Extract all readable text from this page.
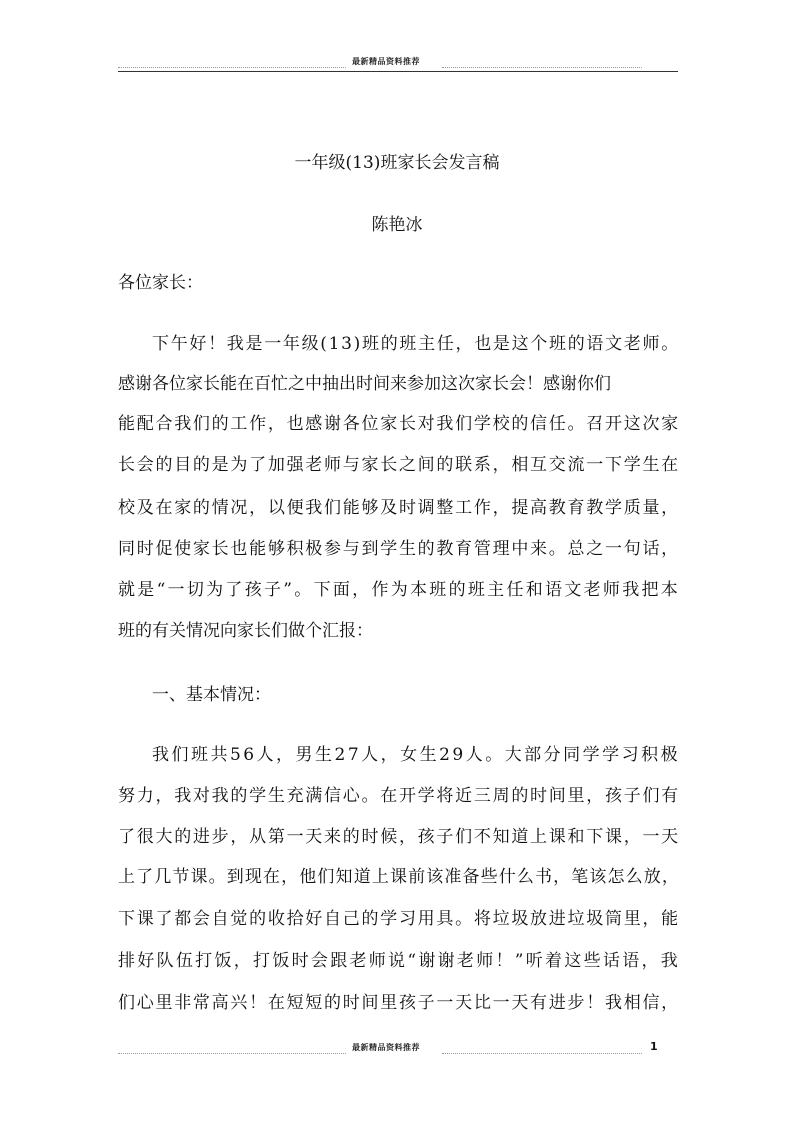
最新精品资料推荐
一年级(13)班家长会发言稿
陈艳冰
各位家长：
下午好！我是一年级(13)班的班主任，也是这个班的语文老师。
感谢各位家长能在百忙之中抽出时间来参加这次家长会！感谢你们
能配合我们的工作，也感谢各位家长对我们学校的信任。召开这次家
长会的目的是为了加强老师与家长之间的联系，相互交流一下学生在
校及在家的情况，以便我们能够及时调整工作，提高教育教学质量，
同时促使家长也能够积极参与到学生的教育管理中来。总之一句话，
就是“一切为了孩子”。下面，作为本班的班主任和语文老师我把本
班的有关情况向家长们做个汇报：
一、基本情况：
我们班共56人，男生27人，女生29人。大部分同学学习积极
努力，我对我的学生充满信心。在开学将近三周的时间里，孩子们有
了很大的进步，从第一天来的时候，孩子们不知道上课和下课，一天
上了几节课。到现在，他们知道上课前该准备些什么书，笔该怎么放，
下课了都会自觉的收拾好自己的学习用具。将垃圾放进垃圾筒里，能
排好队伍打饭，打饭时会跟老师说“谢谢老师！”听着这些话语，我
们心里非常高兴！在短短的时间里孩子一天比一天有进步！我相信，
最新精品资料推荐	1
